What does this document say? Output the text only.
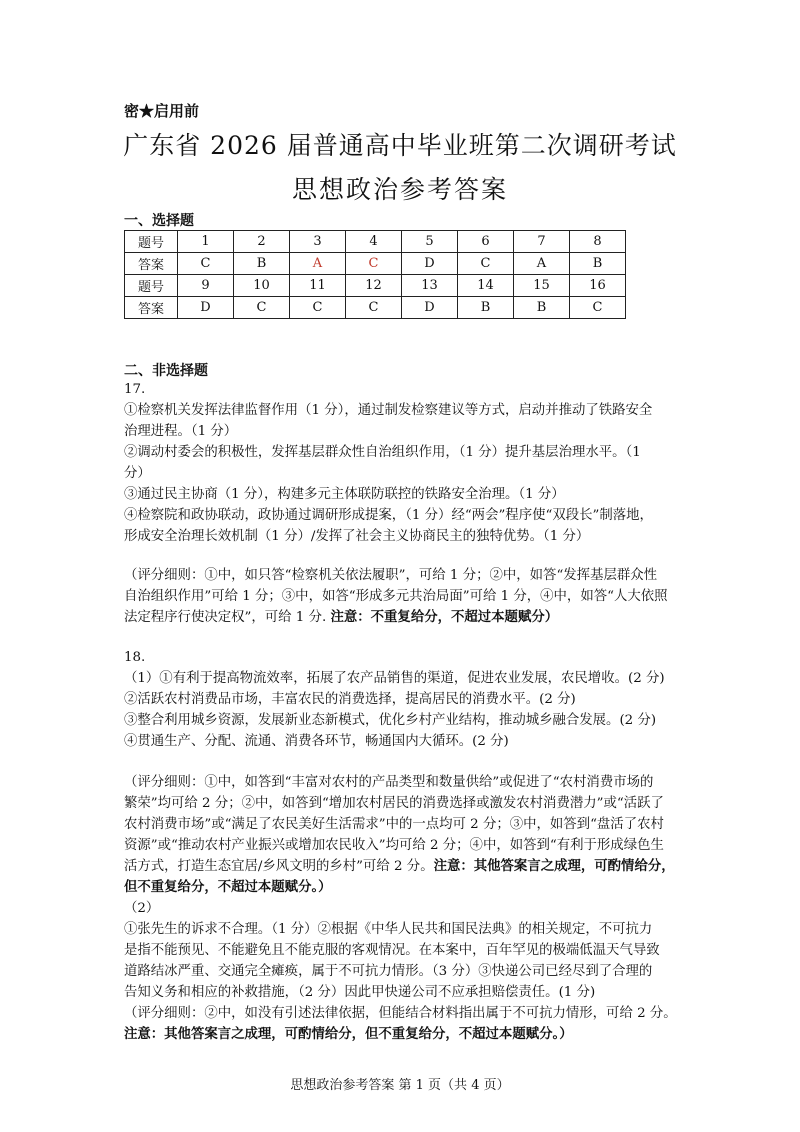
密★启用前
广东省 2026 届普通高中毕业班第二次调研考试
思想政治参考答案
一、选择题
题号	1	2	3	4	5	6	7	8
答案	C	B	A	C	D	C	A	B
题号	9	10	11	12	13	14	15	16
答案	D	C	C	C	D	B	B	C
二、非选择题
17.
①检察机关发挥法律监督作用（1 分），通过制发检察建议等方式，启动并推动了铁路安全
治理进程。（1 分）
②调动村委会的积极性，发挥基层群众性自治组织作用，（1 分）提升基层治理水平。（1
分）
③通过民主协商（1 分），构建多元主体联防联控的铁路安全治理。（1 分）
④检察院和政协联动，政协通过调研形成提案，（1 分）经“两会”程序使“双段长”制落地，
形成安全治理长效机制（1 分）/发挥了社会主义协商民主的独特优势。（1 分）
（评分细则：①中，如只答“检察机关依法履职”，可给 1 分；②中，如答“发挥基层群众性
自治组织作用”可给 1 分；③中，如答“形成多元共治局面”可给 1 分，④中，如答“人大依照
法定程序行使决定权”，可给 1 分. 注意：不重复给分，不超过本题赋分）
18.
（1）①有利于提高物流效率，拓展了农产品销售的渠道，促进农业发展，农民增收。(2 分)
②活跃农村消费品市场，丰富农民的消费选择，提高居民的消费水平。(2 分)
③整合利用城乡资源，发展新业态新模式，优化乡村产业结构，推动城乡融合发展。(2 分)
④贯通生产、分配、流通、消费各环节，畅通国内大循环。(2 分)
（评分细则：①中，如答到“丰富对农村的产品类型和数量供给”或促进了“农村消费市场的
繁荣”均可给 2 分；②中，如答到“增加农村居民的消费选择或激发农村消费潜力”或“活跃了
农村消费市场”或“满足了农民美好生活需求”中的一点均可 2 分；③中，如答到“盘活了农村
资源”或“推动农村产业振兴或增加农民收入”均可给 2 分；④中，如答到“有利于形成绿色生
活方式，打造生态宜居/乡风文明的乡村”可给 2 分。注意：其他答案言之成理，可酌情给分，
但不重复给分，不超过本题赋分。）
（2）
①张先生的诉求不合理。（1 分）②根据《中华人民共和国民法典》的相关规定，不可抗力
是指不能预见、不能避免且不能克服的客观情况。在本案中，百年罕见的极端低温天气导致
道路结冰严重、交通完全瘫痪，属于不可抗力情形。（3 分）③快递公司已经尽到了合理的
告知义务和相应的补救措施，（2 分）因此甲快递公司不应承担赔偿责任。(1 分)
（评分细则：②中，如没有引述法律依据，但能结合材料指出属于不可抗力情形，可给 2 分。
注意：其他答案言之成理，可酌情给分，但不重复给分，不超过本题赋分。）
思想政治参考答案 第 1 页（共 4 页）
